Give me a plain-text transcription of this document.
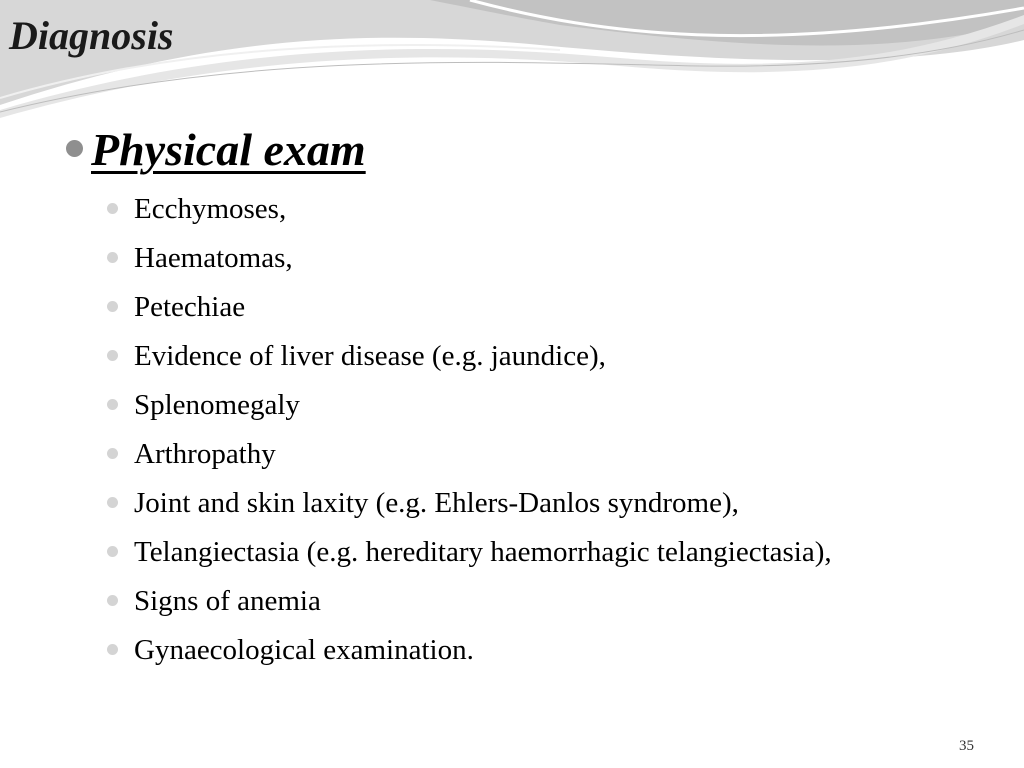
Diagnosis
Physical exam
Ecchymoses,
Haematomas,
Petechiae
Evidence of liver disease (e.g. jaundice),
Splenomegaly
Arthropathy
Joint and skin laxity (e.g. Ehlers-Danlos syndrome),
Telangiectasia (e.g. hereditary haemorrhagic telangiectasia),
Signs of anemia
Gynaecological examination.
35
